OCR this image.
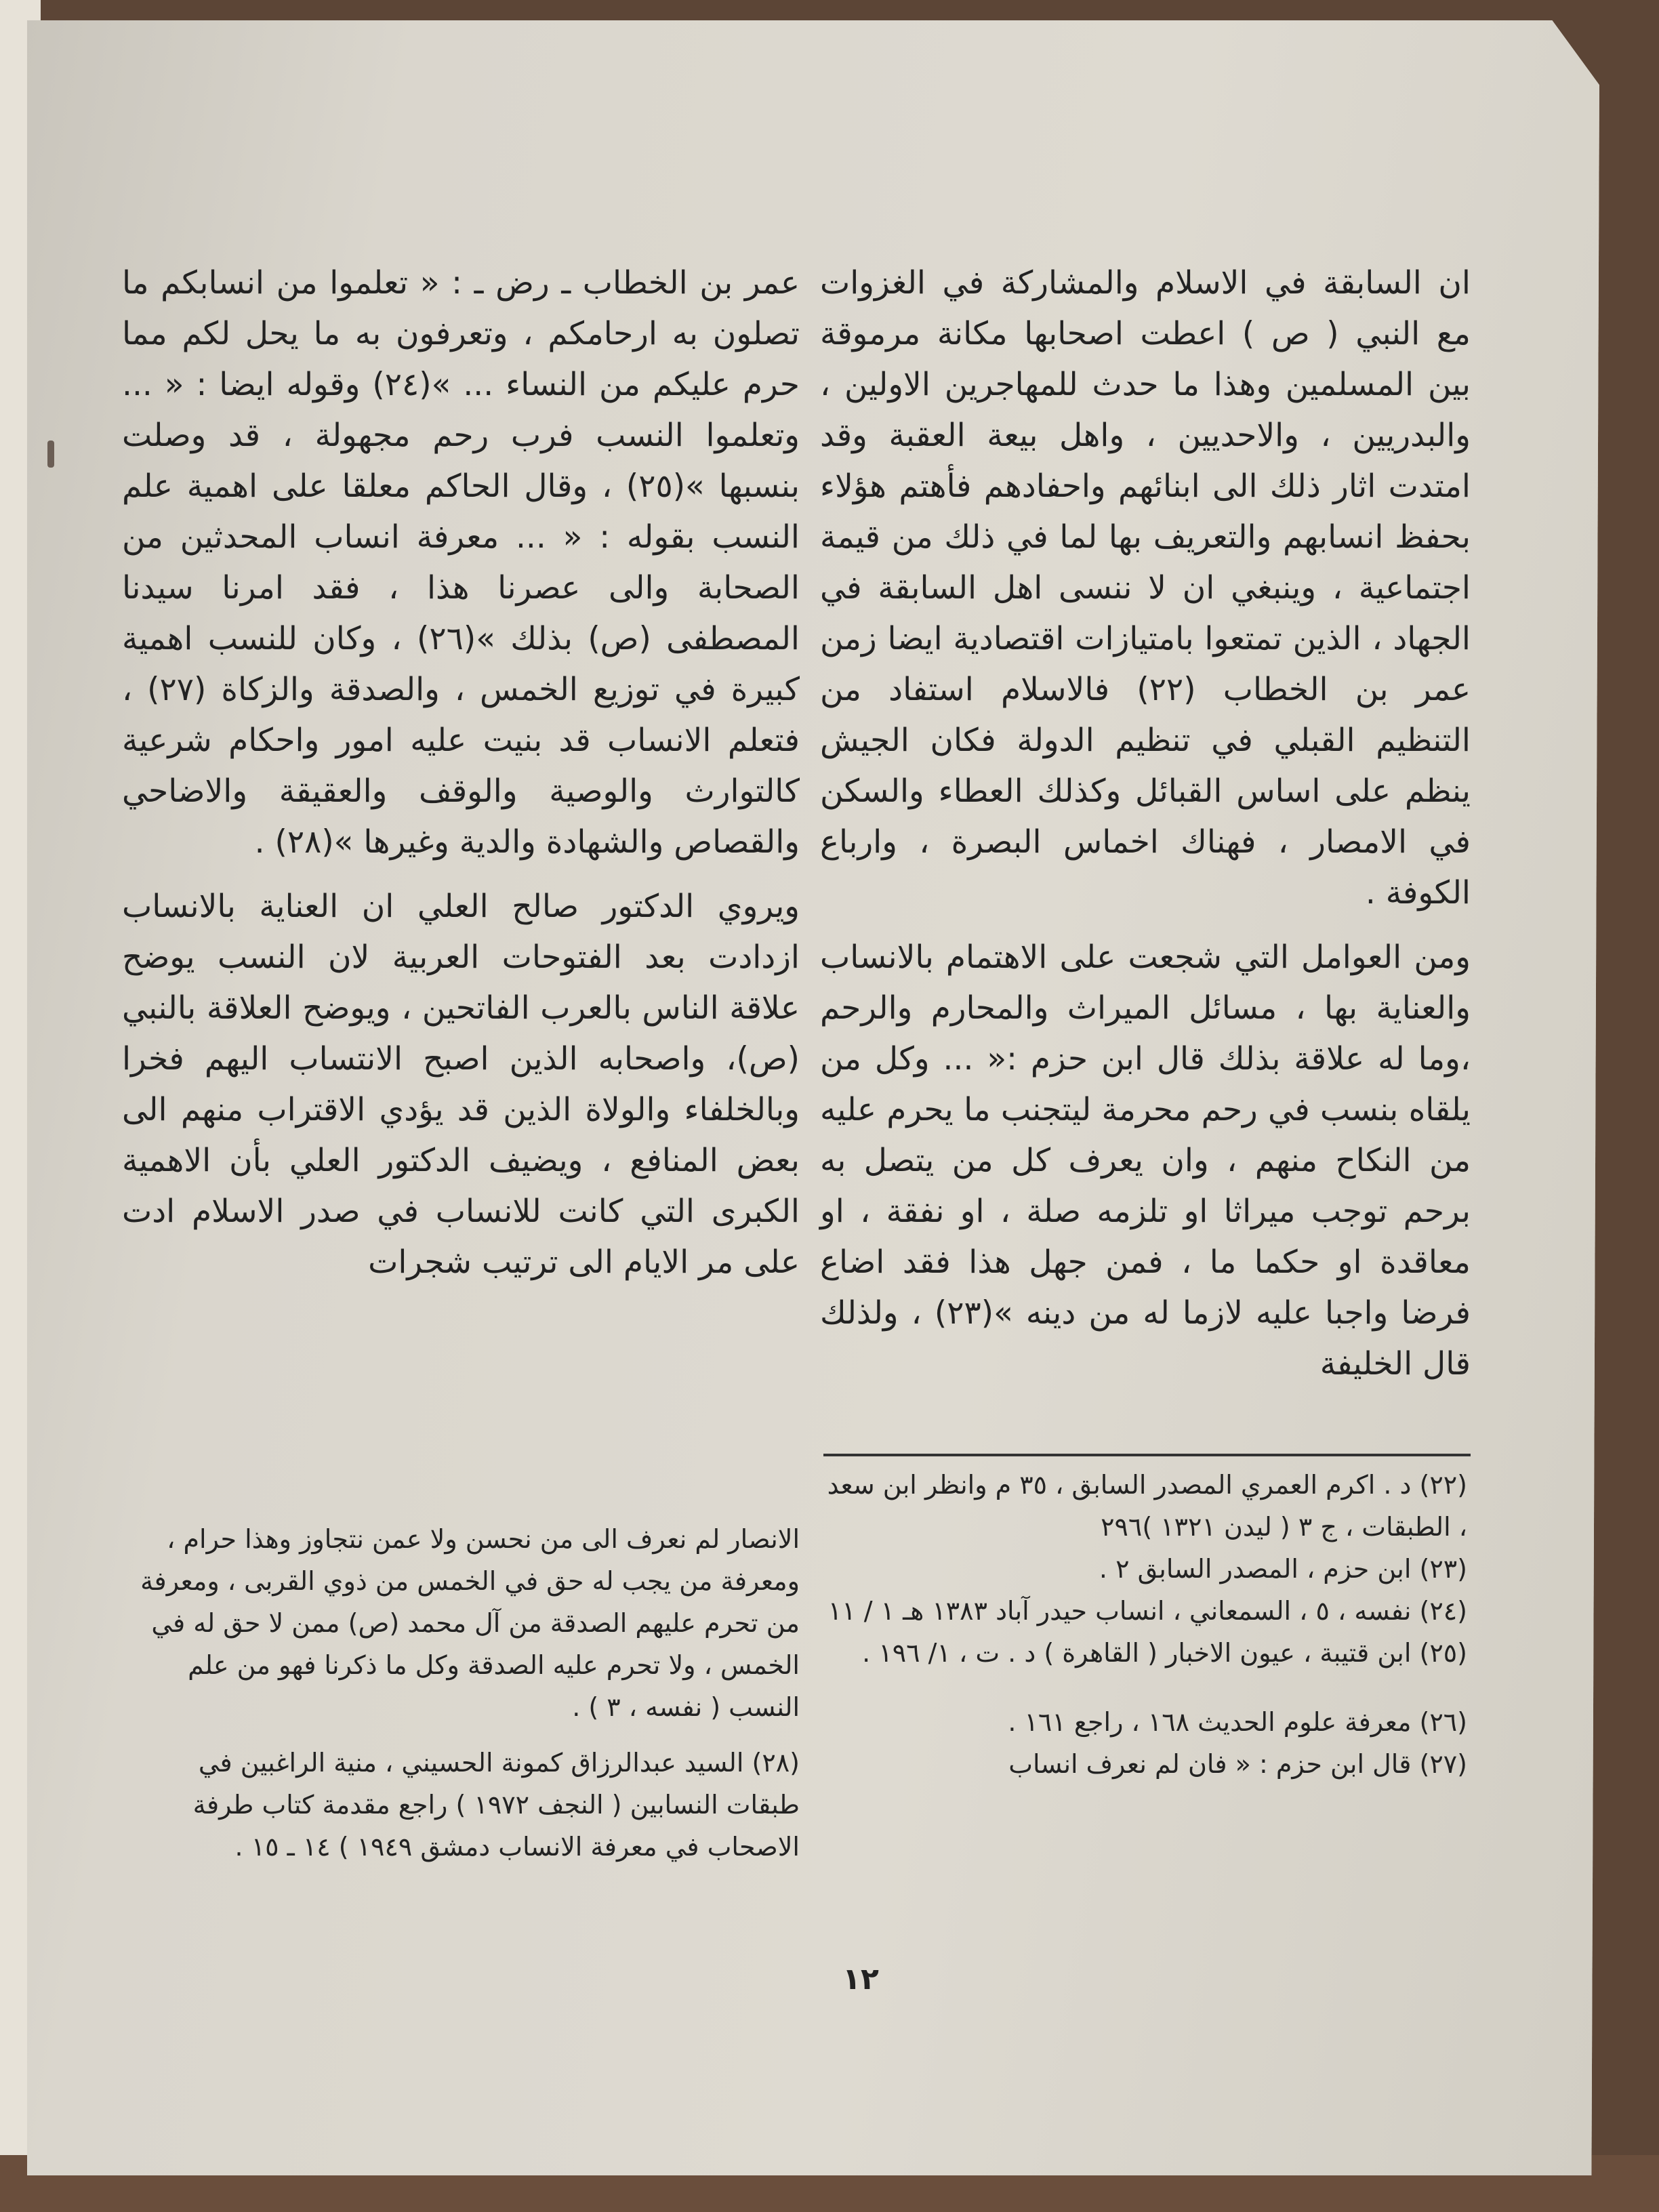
ان السابقة في الاسلام والمشاركة في الغزوات مع النبي ( ص ) اعطت اصحابها مكانة مرموقة بين المسلمين وهذا ما حدث للمهاجرين الاولين ، والبدريين ، والاحديين ، واهل بيعة العقبة وقد امتدت اثار ذلك الى ابنائهم واحفادهم فأهتم هؤلاء بحفظ انسابهم والتعريف بها لما في ذلك من قيمة اجتماعية ، وينبغي ان لا ننسى اهل السابقة في الجهاد ، الذين تمتعوا بامتيازات اقتصادية ايضا زمن عمر بن الخطاب (٢٢) فالاسلام استفاد من التنظيم القبلي في تنظيم الدولة فكان الجيش ينظم على اساس القبائل وكذلك العطاء والسكن في الامصار ، فهناك اخماس البصرة ، وارباع الكوفة .

ومن العوامل التي شجعت على الاهتمام بالانساب والعناية بها ، مسائل الميراث والمحارم والرحم ،وما له علاقة بذلك قال ابن حزم :« ... وكل من يلقاه بنسب في رحم محرمة ليتجنب ما يحرم عليه من النكاح منهم ، وان يعرف كل من يتصل به برحم توجب ميراثا او تلزمه صلة ، او نفقة ، او معاقدة او حكما ما ، فمن جهل هذا فقد اضاع فرضا واجبا عليه لازما له من دينه »(٢٣) ، ولذلك قال الخليفة

عمر بن الخطاب ـ رض ـ : « تعلموا من انسابكم ما تصلون به ارحامكم ، وتعرفون به ما يحل لكم مما حرم عليكم من النساء ... »(٢٤) وقوله ايضا : « ... وتعلموا النسب فرب رحم مجهولة ، قد وصلت بنسبها »(٢٥) ، وقال الحاكم معلقا على اهمية علم النسب بقوله : « ... معرفة انساب المحدثين من الصحابة والى عصرنا هذا ، فقد امرنا سيدنا المصطفى (ص) بذلك »(٢٦) ، وكان للنسب اهمية كبيرة في توزيع الخمس ، والصدقة والزكاة (٢٧) ، فتعلم الانساب قد بنيت عليه امور واحكام شرعية كالتوارث والوصية والوقف والعقيقة والاضاحي والقصاص والشهادة والدية وغيرها »(٢٨) .

ويروي الدكتور صالح العلي ان العناية بالانساب ازدادت بعد الفتوحات العربية لان النسب يوضح علاقة الناس بالعرب الفاتحين ، ويوضح العلاقة بالنبي (ص)، واصحابه الذين اصبح الانتساب اليهم فخرا وبالخلفاء والولاة الذين قد يؤدي الاقتراب منهم الى بعض المنافع ، ويضيف الدكتور العلي بأن الاهمية الكبرى التي كانت للانساب في صدر الاسلام ادت على مر الايام الى ترتيب شجرات

(٢٢) د . اكرم العمري المصدر السابق ، ٣٥ م وانظر ابن سعد ، الطبقات ، ج ٣ ( ليدن ١٣٢١ )٢٩٦
(٢٣) ابن حزم ، المصدر السابق ٢ .
(٢٤) نفسه ، ٥ ، السمعاني ، انساب حيدر آباد ١٣٨٣ هـ ١ / ١١
(٢٥) ابن قتيبة ، عيون الاخبار ( القاهرة ) د . ت ، ١/ ١٩٦ .
(٢٦) معرفة علوم الحديث ١٦٨ ، راجع ١٦١ .
(٢٧) قال ابن حزم : « فان لم نعرف انساب
الانصار لم نعرف الى من نحسن ولا عمن نتجاوز وهذا حرام ، ومعرفة من يجب له حق في الخمس من ذوي القربى ، ومعرفة من تحرم عليهم الصدقة من آل محمد (ص) ممن لا حق له في الخمس ، ولا تحرم عليه الصدقة وكل ما ذكرنا فهو من علم النسب ( نفسه ، ٣ ) .
(٢٨) السيد عبدالرزاق كمونة الحسيني ، منية الراغبين في طبقات النسابين ( النجف ١٩٧٢ ) راجع مقدمة كتاب طرفة الاصحاب في معرفة الانساب دمشق ١٩٤٩ ) ١٤ ـ ١٥ .
١٢
